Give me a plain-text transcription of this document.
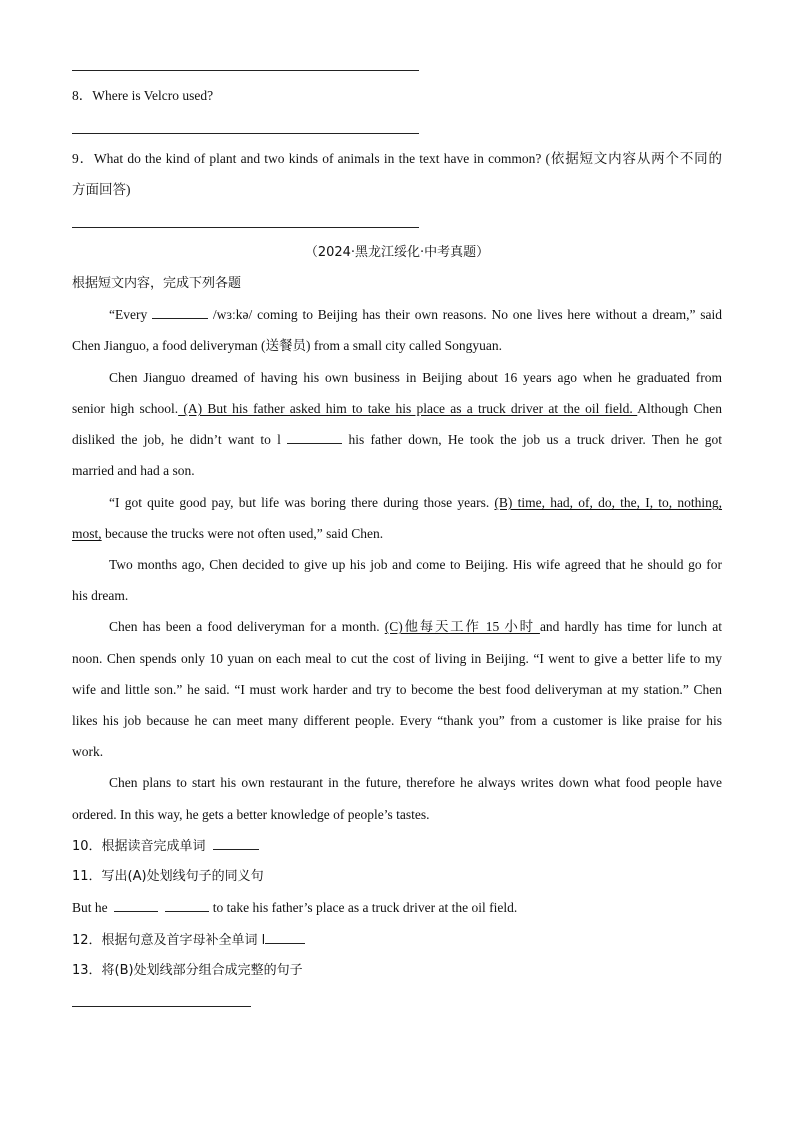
8．Where is Velcro used?
9．What do the kind of plant and two kinds of animals in the text have in common? (依据短文内容从两个不同的
方面回答)
（2024·黑龙江绥化·中考真题）
根据短文内容，完成下列各题
“Every	/wɜːkə/ coming to Beijing has their own reasons. No one lives here without a dream,” said
Chen Jianguo, a food deliveryman (送餐员) from a small city called Songyuan.
Chen Jianguo dreamed of having his own business in Beijing about 16 years ago when he graduated from
senior high school. (A) But his father asked him to take his place as a truck driver at the oil field. Although Chen
disliked the job, he didn’t want to l	his father down, He took the job us a truck driver. Then he got
married and had a son.
“I got quite good pay, but life was boring there during those years. (B) time, had, of, do, the, I, to, nothing,
most, because the trucks were not often used,” said Chen.
Two months ago, Chen decided to give up his job and come to Beijing. His wife agreed that he should go for
his dream.
Chen has been a food deliveryman for a month. (C)他每天工作 15 小时 and hardly has time for lunch at
noon. Chen spends only 10 yuan on each meal to cut the cost of living in Beijing. “I went to give a better life to my
wife and little son.” he said. “I must work harder and try to become the best food deliveryman at my station.” Chen
likes his job because he can meet many different people. Every “thank you” from a customer is like praise for his
work.
Chen plans to start his own restaurant in the future, therefore he always writes down what food people have
ordered. In this way, he gets a better knowledge of people’s tastes.
10．根据读音完成单词
11．写出(A)处划线句子的同义句
But he	to take his father’s place as a truck driver at the oil field.
12．根据句意及首字母补全单词 l
13．将(B)处划线部分组合成完整的句子
